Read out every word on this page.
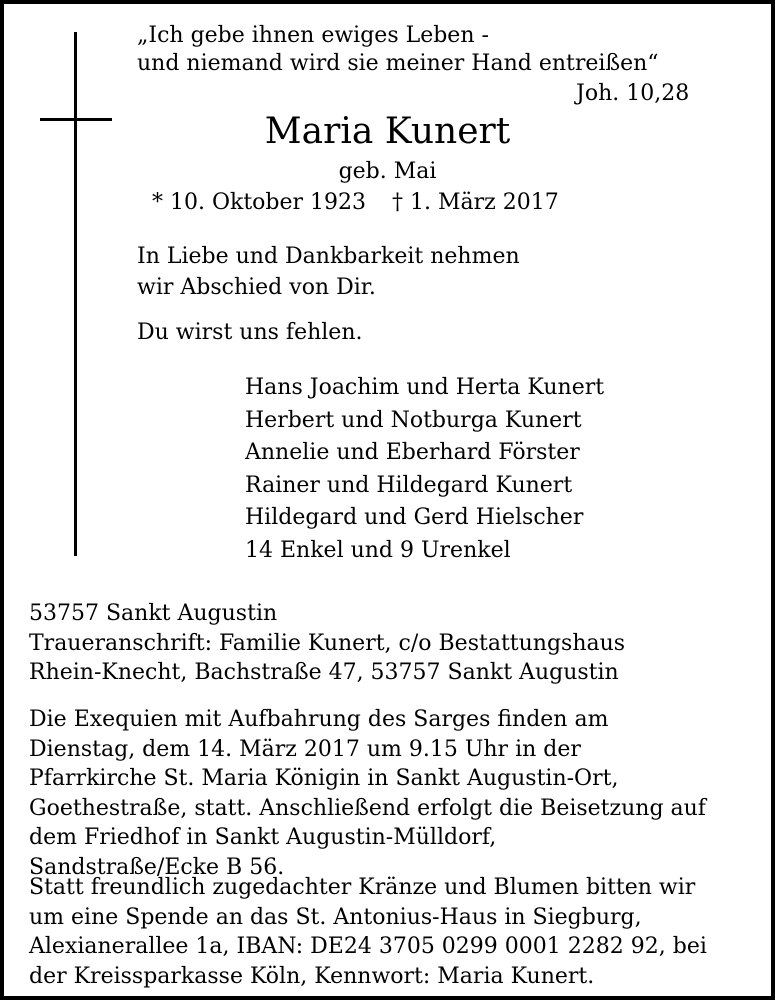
„Ich gebe ihnen ewiges Leben -
und niemand wird sie meiner Hand entreißen“
Joh. 10,28
Maria Kunert
geb. Mai
* 10. Oktober 1923 † 1. März 2017
In Liebe und Dankbarkeit nehmen
wir Abschied von Dir.
Du wirst uns fehlen.
Hans Joachim und Herta Kunert
Herbert und Notburga Kunert
Annelie und Eberhard Förster
Rainer und Hildegard Kunert
Hildegard und Gerd Hielscher
14 Enkel und 9 Urenkel
53757 Sankt Augustin
Traueranschrift: Familie Kunert, c/o Bestattungshaus
Rhein-Knecht, Bachstraße 47, 53757 Sankt Augustin
Die Exequien mit Aufbahrung des Sarges finden am
Dienstag, dem 14. März 2017 um 9.15 Uhr in der
Pfarrkirche St. Maria Königin in Sankt Augustin-Ort,
Goethestraße, statt. Anschließend erfolgt die Beisetzung auf
dem Friedhof in Sankt Augustin-Mülldorf,
Sandstraße/Ecke B 56.
Statt freundlich zugedachter Kränze und Blumen bitten wir
um eine Spende an das St. Antonius-Haus in Siegburg,
Alexianerallee 1a, IBAN: DE24 3705 0299 0001 2282 92, bei
der Kreissparkasse Köln, Kennwort: Maria Kunert.
